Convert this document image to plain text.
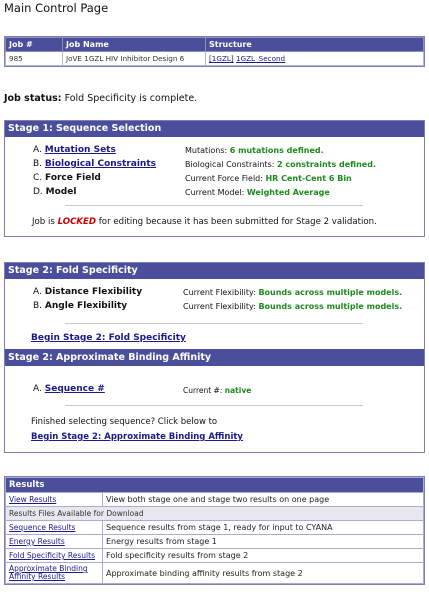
Main Control Page
Job #	Job Name	Structure
985	JoVE 1GZL HIV Inhibitor Design 6	[1GZL] 1GZL_Second
Job status: Fold Specificity is complete.
Stage 1: Sequence Selection
A. Mutation Sets	Mutations: 6 mutations defined.
B. Biological Constraints	Biological Constraints: 2 constraints defined.
C. Force Field	Current Force Field: HR Cent-Cent 6 Bin
D. Model	Current Model: Weighted Average
Job is LOCKED for editing because it has been submitted for Stage 2 validation.
Stage 2: Fold Specificity
A. Distance Flexibility	Current Flexibility: Bounds across multiple models.
B. Angle Flexibility	Current Flexibility: Bounds across multiple models.
Begin Stage 2: Fold Specificity
Stage 2: Approximate Binding Affinity
A. Sequence #	Current #: native
Finished selecting sequence? Click below to
Begin Stage 2: Approximate Binding Affinity
Results	
View Results	View both stage one and stage two results on one page
Results Files Available for Download	
Sequence Results	Sequence results from stage 1, ready for input to CYANA
Energy Results	Energy results from stage 1
Fold Specificity Results	Fold specificity results from stage 2
Approximate Binding Affinity Results	Approximate binding affinity results from stage 2
